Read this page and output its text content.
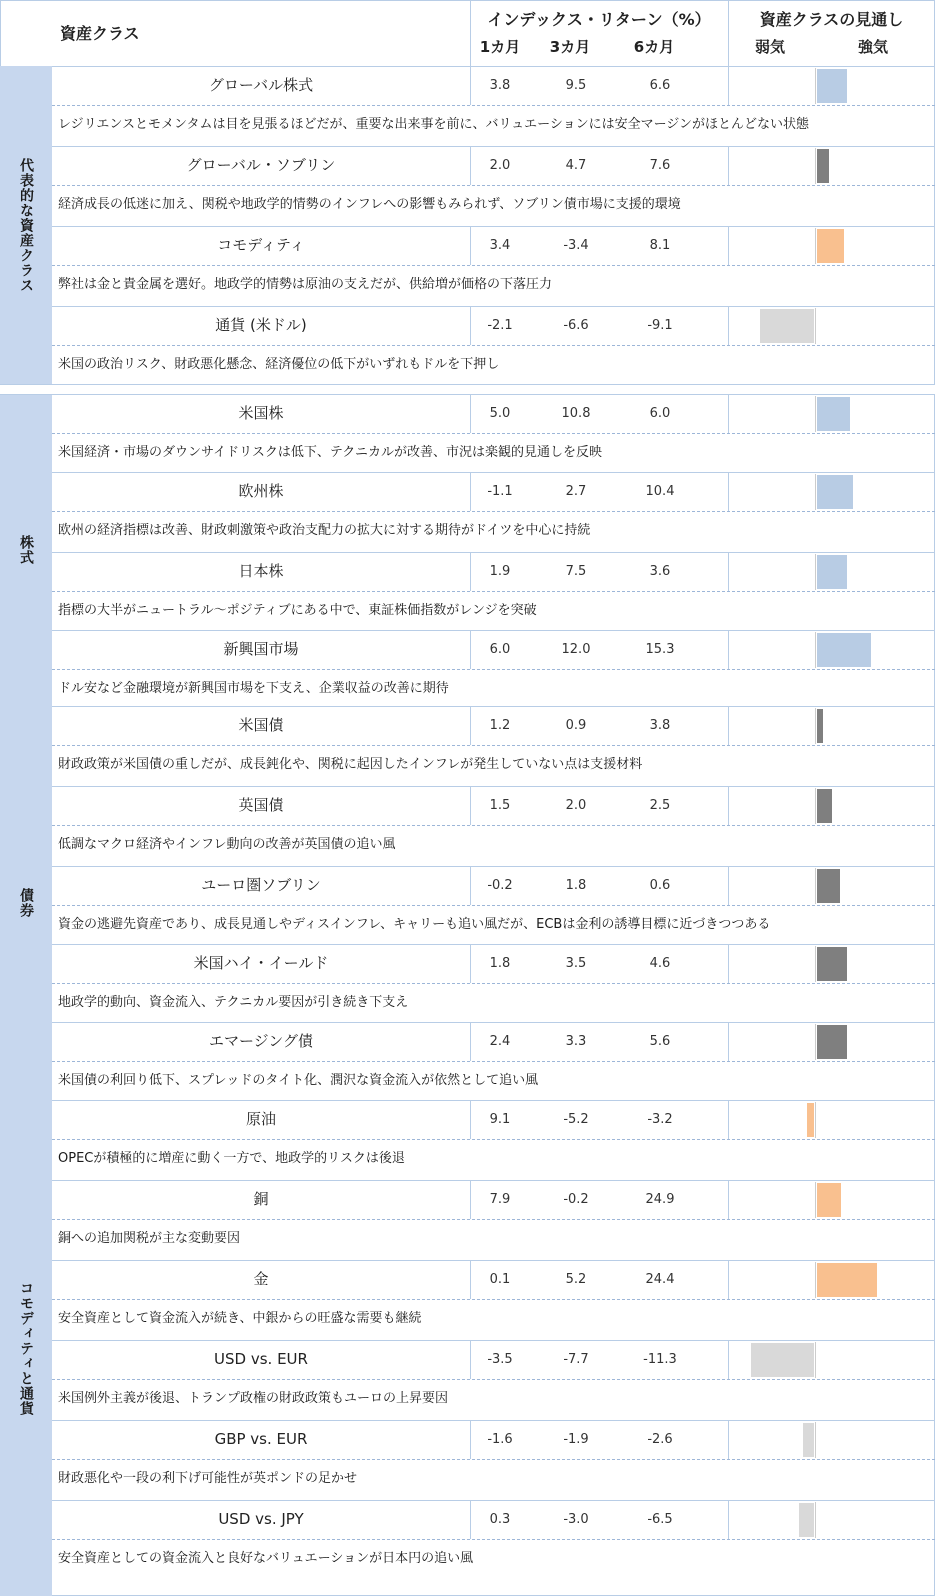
資産クラス
インデックス・リターン（%）
1カ月	3カ月	6カ月
資産クラスの見通し
弱気	強気
代表的な資産クラス
株式
債券
コモディティと通貨
グローバル株式	3.8	9.5	6.6
レジリエンスとモメンタムは目を見張るほどだが、重要な出来事を前に、バリュエーションには安全マージンがほとんどない状態
グローバル・ソブリン	2.0	4.7	7.6
経済成長の低迷に加え、関税や地政学的情勢のインフレへの影響もみられず、ソブリン債市場に支援的環境
コモディティ	3.4	-3.4	8.1
弊社は金と貴金属を選好。地政学的情勢は原油の支えだが、供給増が価格の下落圧力
通貨 (米ドル)	-2.1	-6.6	-9.1
米国の政治リスク、財政悪化懸念、経済優位の低下がいずれもドルを下押し
米国株	5.0	10.8	6.0
米国経済・市場のダウンサイドリスクは低下、テクニカルが改善、市況は楽観的見通しを反映
欧州株	-1.1	2.7	10.4
欧州の経済指標は改善、財政刺激策や政治支配力の拡大に対する期待がドイツを中心に持続
日本株	1.9	7.5	3.6
指標の大半がニュートラル～ポジティブにある中で、東証株価指数がレンジを突破
新興国市場	6.0	12.0	15.3
ドル安など金融環境が新興国市場を下支え、企業収益の改善に期待
米国債	1.2	0.9	3.8
財政政策が米国債の重しだが、成長鈍化や、関税に起因したインフレが発生していない点は支援材料
英国債	1.5	2.0	2.5
低調なマクロ経済やインフレ動向の改善が英国債の追い風
ユーロ圏ソブリン	-0.2	1.8	0.6
資金の逃避先資産であり、成長見通しやディスインフレ、キャリーも追い風だが、ECBは金利の誘導目標に近づきつつある
米国ハイ・イールド	1.8	3.5	4.6
地政学的動向、資金流入、テクニカル要因が引き続き下支え
エマージング債	2.4	3.3	5.6
米国債の利回り低下、スプレッドのタイト化、潤沢な資金流入が依然として追い風
原油	9.1	-5.2	-3.2
OPECが積極的に増産に動く一方で、地政学的リスクは後退
銅	7.9	-0.2	24.9
銅への追加関税が主な変動要因
金	0.1	5.2	24.4
安全資産として資金流入が続き、中銀からの旺盛な需要も継続
USD vs. EUR	-3.5	-7.7	-11.3
米国例外主義が後退、トランプ政権の財政政策もユーロの上昇要因
GBP vs. EUR	-1.6	-1.9	-2.6
財政悪化や一段の利下げ可能性が英ポンドの足かせ
USD vs. JPY	0.3	-3.0	-6.5
安全資産としての資金流入と良好なバリュエーションが日本円の追い風
